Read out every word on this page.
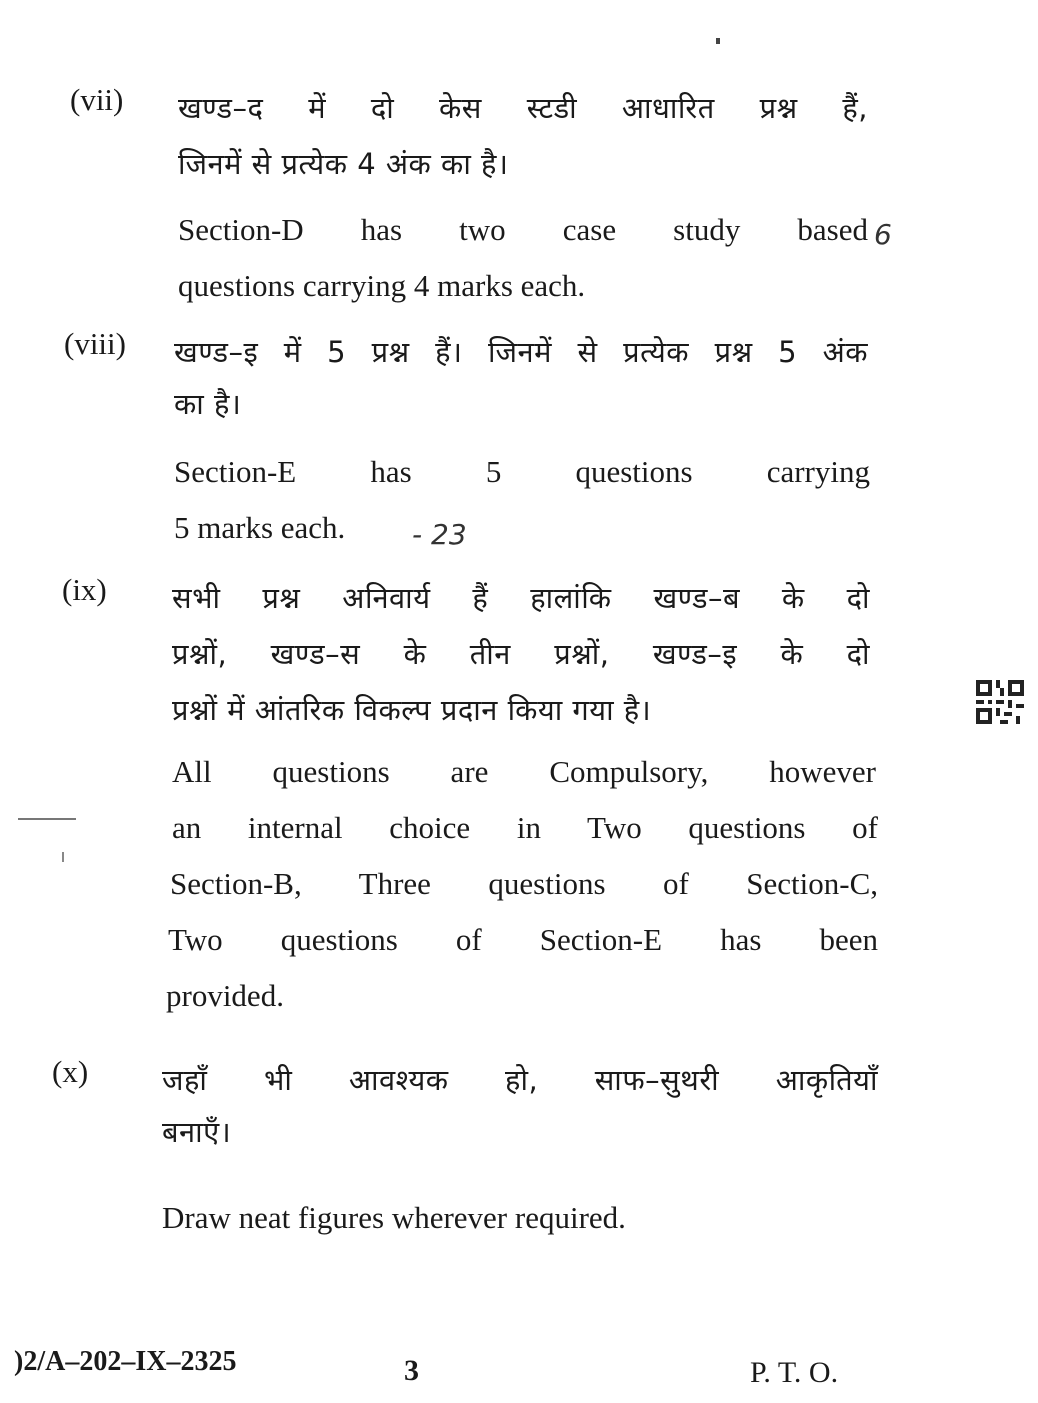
(vii) खण्ड–द में दो केस स्टडी आधारित प्रश्न हैं,
जिनमें से प्रत्येक 4 अंक का है।
Section-D has two case study based 6
questions carrying 4 marks each.
(viii) खण्ड–इ में 5 प्रश्न हैं। जिनमें से प्रत्येक प्रश्न 5 अंक
का है।
Section-E has 5 questions carrying
5 marks each. - 23
(ix) सभी प्रश्न अनिवार्य हैं हालांकि खण्ड–ब के दो
प्रश्नों, खण्ड–स के तीन प्रश्नों, खण्ड–इ के दो
प्रश्नों में आंतरिक विकल्प प्रदान किया गया है।
All questions are Compulsory, however
an internal choice in Two questions of
Section-B, Three questions of Section-C,
Two questions of Section-E has been
provided.
(x)	जहाँ भी आवश्यक हो, साफ–सुथरी आकृतियाँ
बनाएँ।
Draw neat figures wherever required.
)2/A–202–IX–2325	3	P. T. O.
